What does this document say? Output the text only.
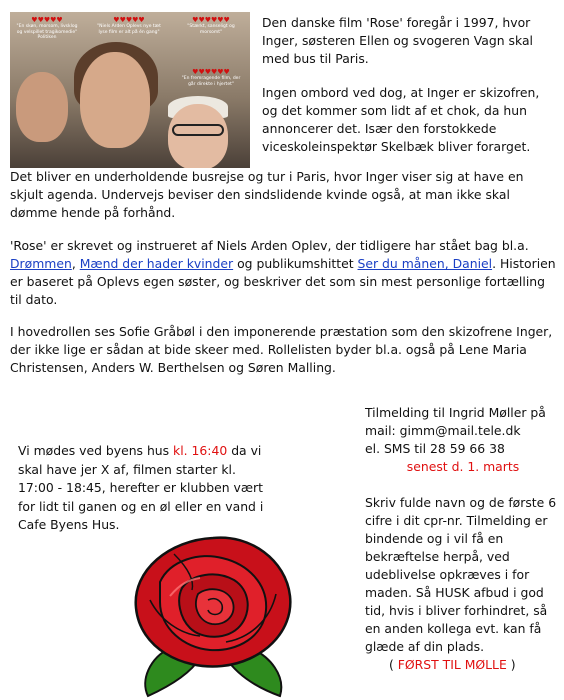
♥♥♥♥♥
"En skøn, morsom, livsklog og velspillet tragikomedie"
Politiken
♥♥♥♥♥
"Niels Arden Oplevs nye tæt lyse film er alt på én gang"
♥♥♥♥♥♥
"Stærkt, sanseligt og morsomt"
♥♥♥♥♥♥
"En fremragende film, der går direkte i hjertet"

Den danske film 'Rose' foregår i 1997, hvor Inger, søsteren Ellen og svogeren Vagn skal med bus til Paris.

Ingen ombord ved dog, at Inger er skizofren, og det kommer som lidt af et chok, da hun annoncerer det. Især den forstokkede viceskoleinspektør Skelbæk bliver forarget.

Det bliver en underholdende busrejse og tur i Paris, hvor Inger viser sig at have en skjult agenda. Undervejs beviser den sindslidende kvinde også, at man ikke skal dømme hende på forhånd.

'Rose' er skrevet og instrueret af Niels Arden Oplev, der tidligere har stået bag bl.a. Drømmen, Mænd der hader kvinder og publikumshittet Ser du månen, Daniel. Historien er baseret på Oplevs egen søster, og beskriver det som sin mest personlige fortælling til dato.

I hovedrollen ses Sofie Gråbøl i den imponerende præstation som den skizofrene Inger, der ikke lige er sådan at bide skeer med. Rollelisten byder bl.a. også på Lene Maria Christensen, Anders W. Berthelsen og Søren Malling.

Vi mødes ved byens hus kl. 16:40 da vi skal have jer X af, filmen starter kl. 17:00 - 18:45, herefter er klubben vært for lidt til ganen og en øl eller en vand i Cafe Byens Hus.
Tilmelding til Ingrid Møller på mail: gimm@mail.tele.dk
el. SMS til 28 59 66 38
senest d. 1. marts
Skriv fulde navn og de første 6 cifre i dit cpr-nr. Tilmelding er bindende og i vil få en bekræftelse herpå, ved udeblivelse opkræves i for maden. Så HUSK afbud i god tid, hvis i bliver forhindret, så en anden kollega evt. kan få glæde af din plads.
( FØRST TIL MØLLE )
